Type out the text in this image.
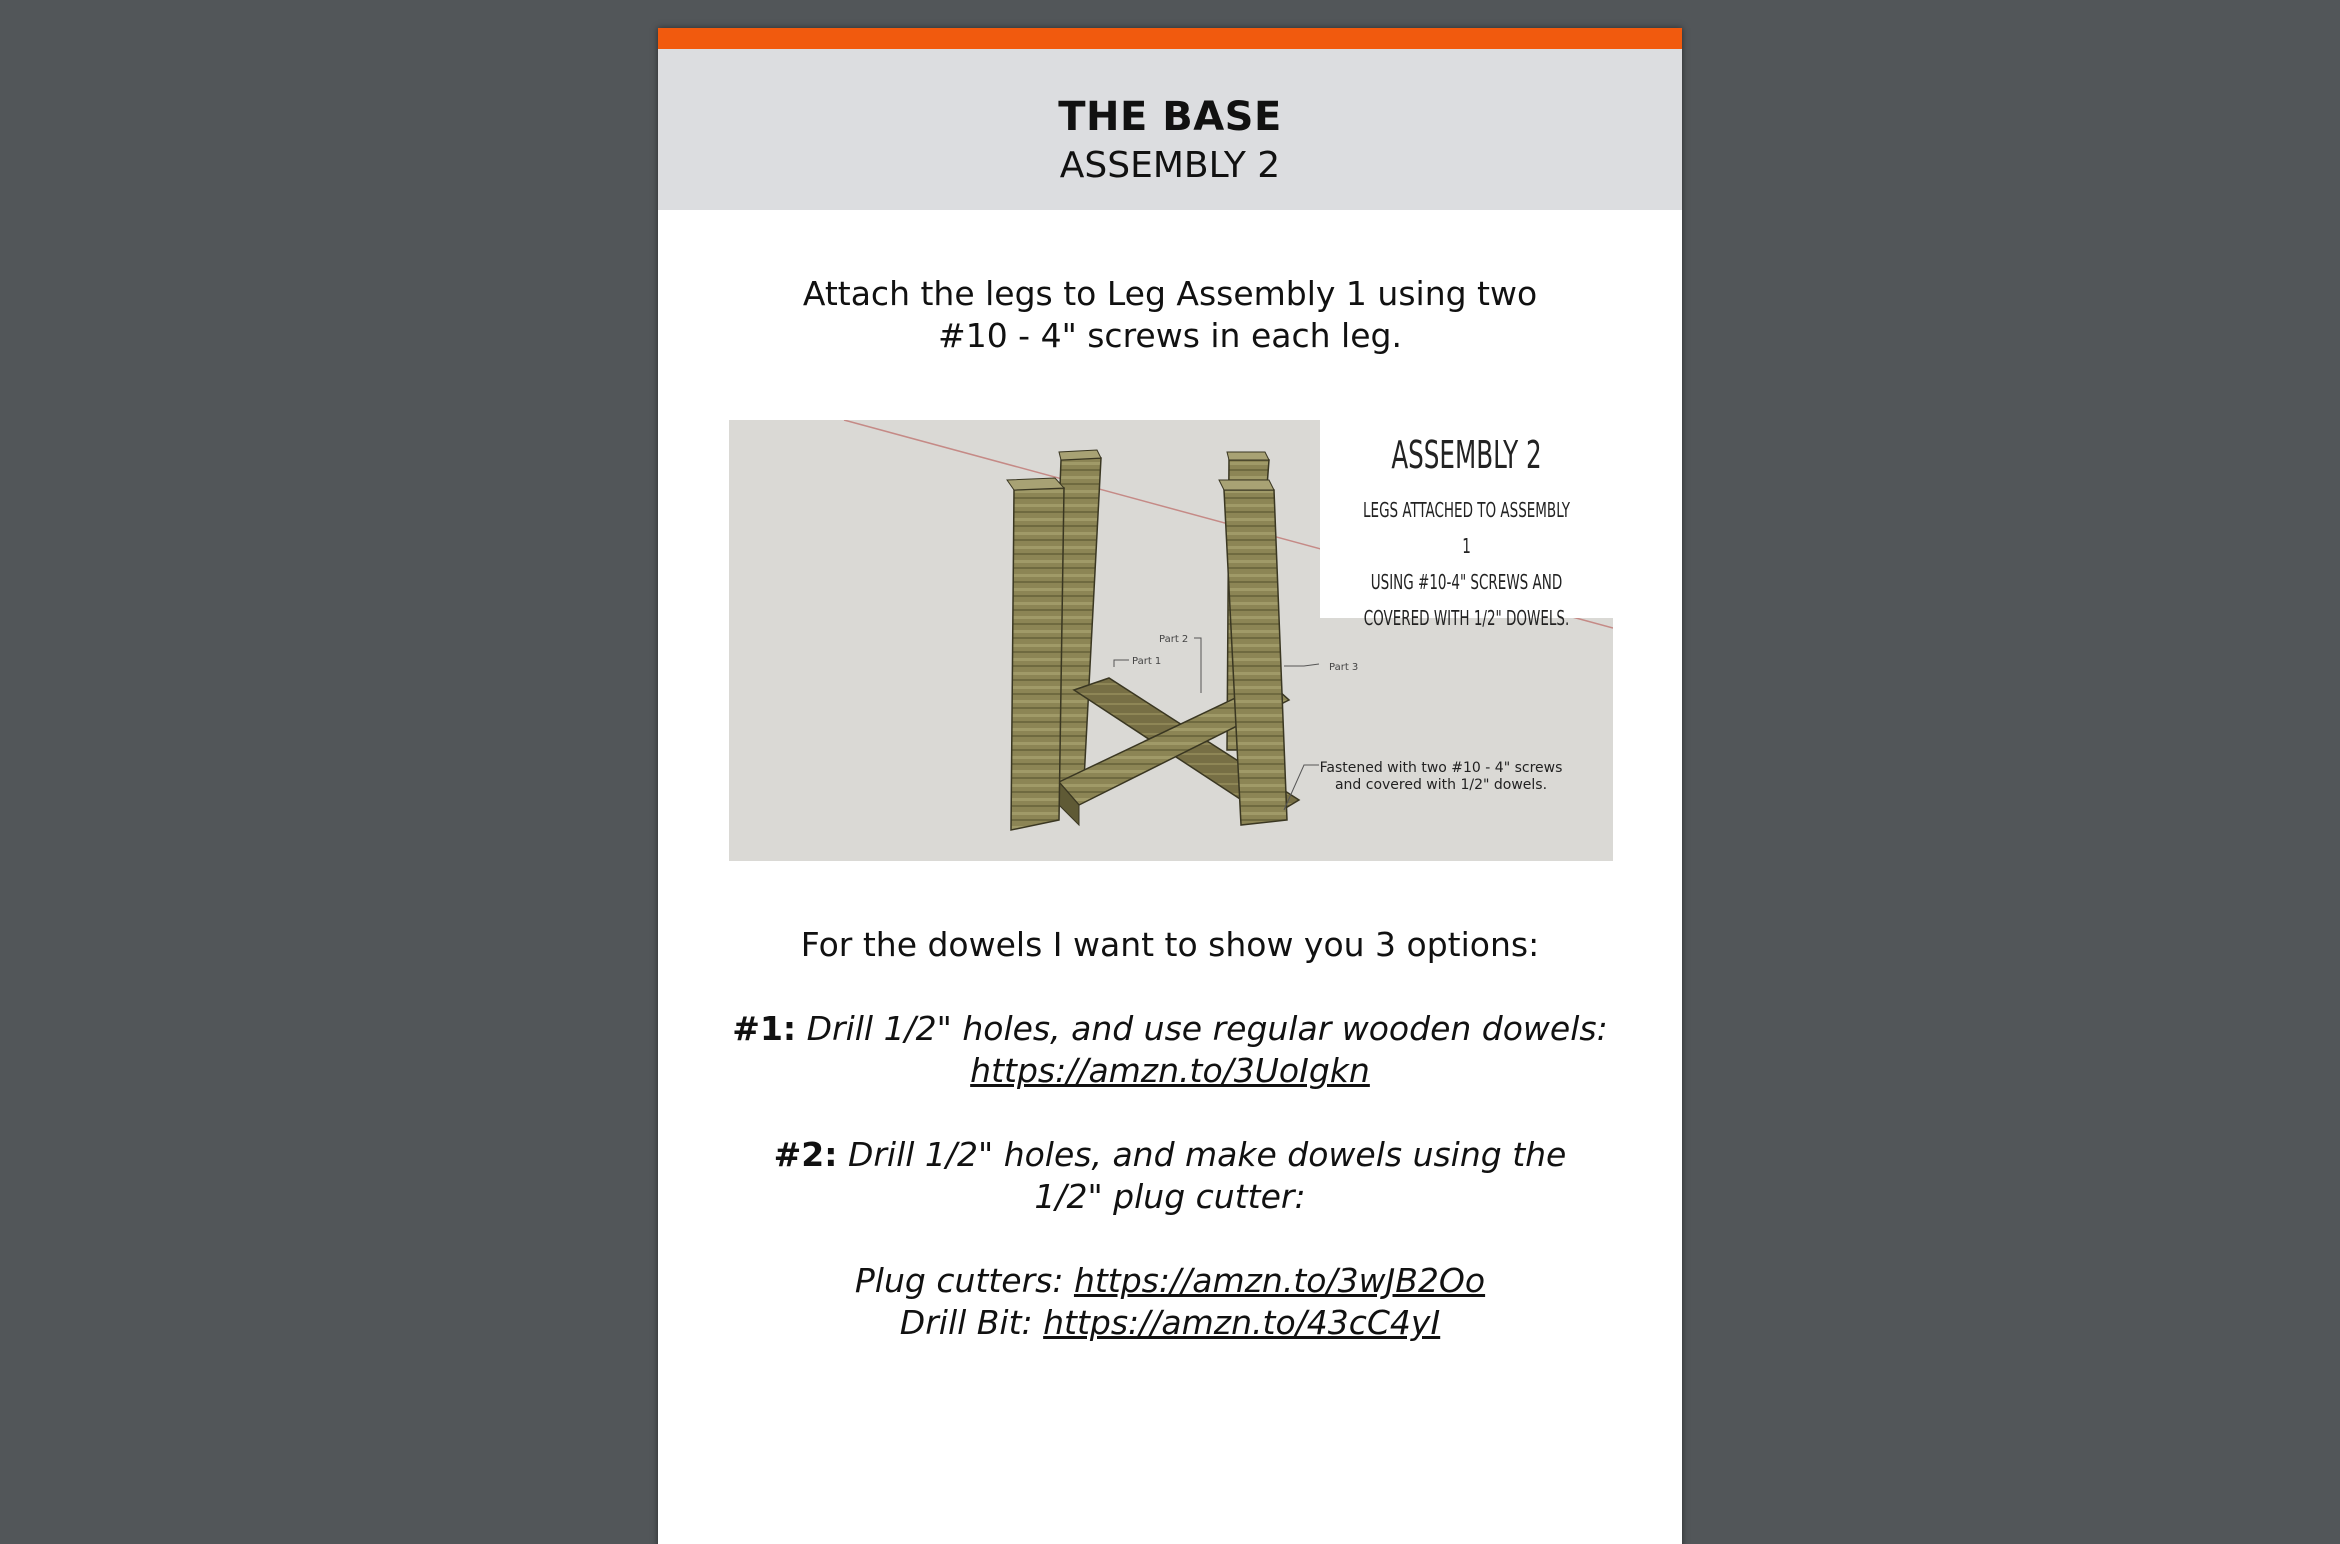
THE BASE
ASSEMBLY 2
Attach the legs to Leg Assembly 1 using two
#10 - 4" screws in each leg.
Part 1
Part 2
Part 3
Fastened with two #10 - 4" screws
and covered with 1/2" dowels.
ASSEMBLY 2
LEGS ATTACHED TO ASSEMBLY 1
USING #10-4" SCREWS AND
COVERED WITH 1/2" DOWELS.
For the dowels I want to show you 3 options:
#1: Drill 1/2" holes, and use regular wooden dowels:
https://amzn.to/3UoIgkn
#2: Drill 1/2" holes, and make dowels using the
1/2" plug cutter:
Plug cutters: https://amzn.to/3wJB2Oo
Drill Bit: https://amzn.to/43cC4yI
